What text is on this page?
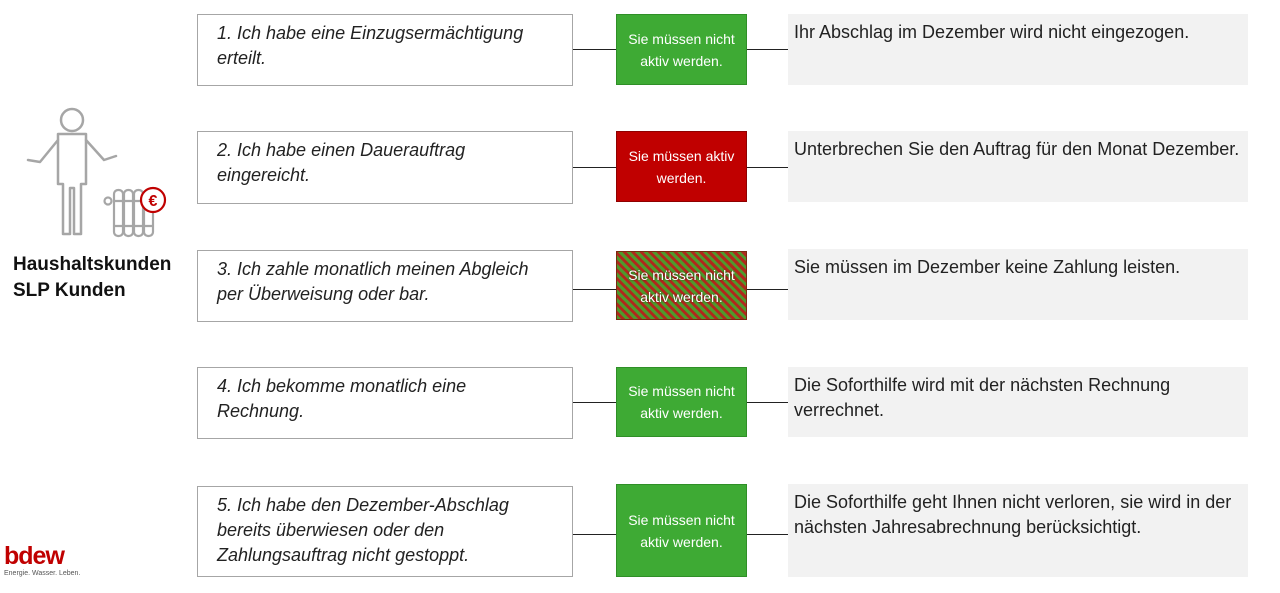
€
Haushaltskunden
SLP Kunden
bdew
Energie. Wasser. Leben.
1. Ich habe eine Einzugsermächtigung erteilt.
Sie müssen nicht aktiv werden.
Ihr Abschlag im Dezember wird nicht eingezogen.
2. Ich habe einen Dauerauftrag eingereicht.
Sie müssen aktiv werden.
Unterbrechen Sie den Auftrag für den Monat Dezember.
3. Ich zahle monatlich meinen Abgleich per Überweisung oder bar.
Sie müssen nicht aktiv werden.
Sie müssen im Dezember keine Zahlung leisten.
4. Ich bekomme monatlich eine Rechnung.
Sie müssen nicht aktiv werden.
Die Soforthilfe wird mit der nächsten Rechnung verrechnet.
5. Ich habe den Dezember-Abschlag bereits überwiesen oder den Zahlungsauftrag nicht gestoppt.
Sie müssen nicht aktiv werden.
Die Soforthilfe geht Ihnen nicht verloren, sie wird in der nächsten Jahresabrechnung berücksichtigt.
